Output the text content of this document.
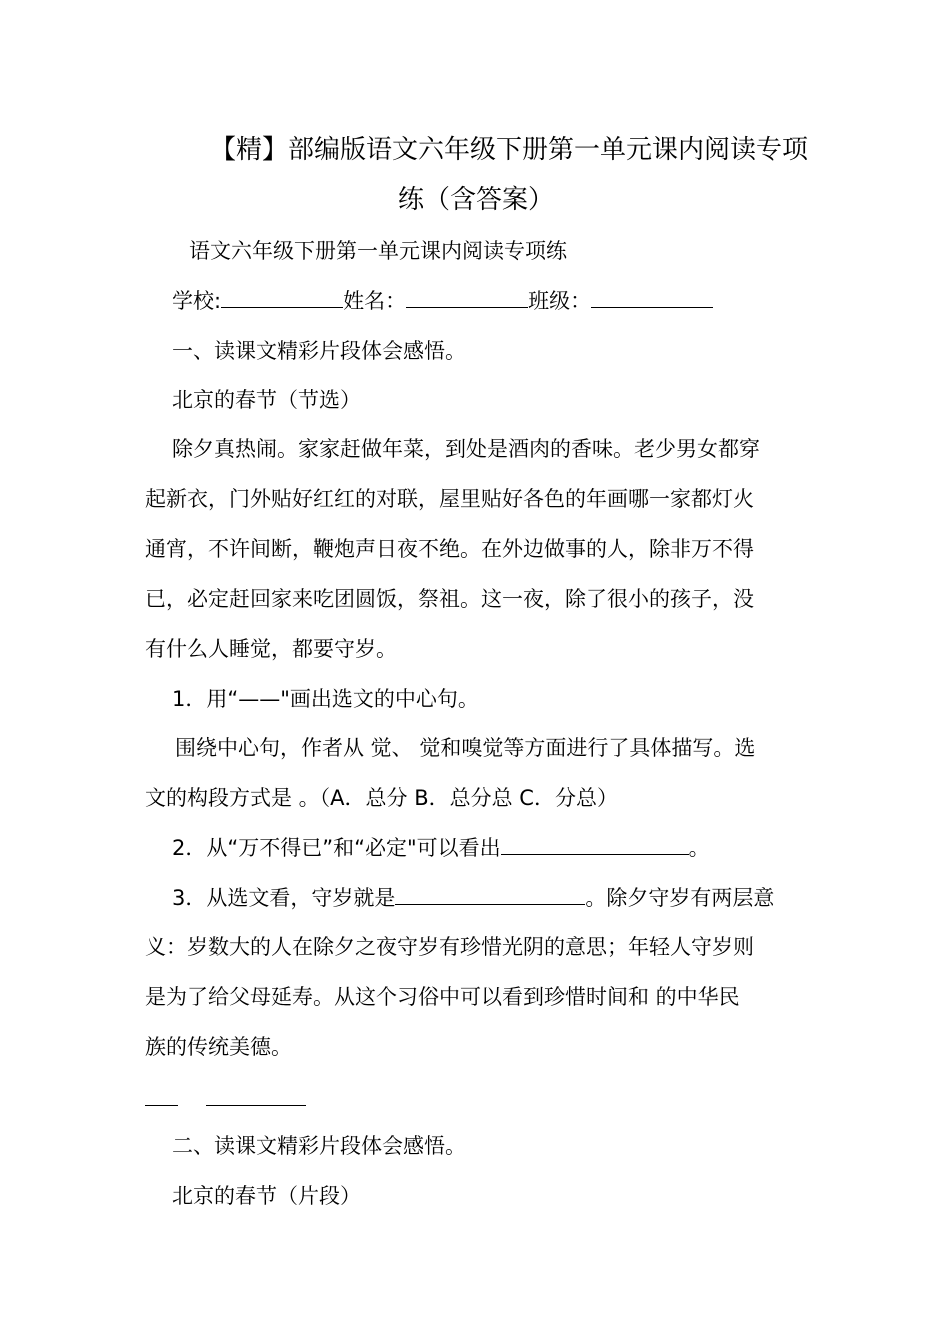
【精】部编版语文六年级下册第一单元课内阅读专项
练（含答案）
语文六年级下册第一单元课内阅读专项练
学校:	姓名：	班级：
一、读课文精彩片段体会感悟。
北京的春节（节选）
除夕真热闹。家家赶做年菜，到处是酒肉的香味。老少男女都穿
起新衣，门外贴好红红的对联，屋里贴好各色的年画哪一家都灯火
通宵，不许间断，鞭炮声日夜不绝。在外边做事的人，除非万不得
已，必定赶回家来吃团圆饭，祭祖。这一夜，除了很小的孩子，没
有什么人睡觉，都要守岁。
1．用“——"画出选文的中心句。
围绕中心句，作者从 觉、 觉和嗅觉等方面进行了具体描写。选
文的构段方式是 。（A．总分 B．总分总 C．分总）
2．从“万不得已”和“必定"可以看出	。
3．从选文看，守岁就是	。除夕守岁有两层意
义：岁数大的人在除夕之夜守岁有珍惜光阴的意思；年轻人守岁则
是为了给父母延寿。从这个习俗中可以看到珍惜时间和 的中华民
族的传统美德。
二、读课文精彩片段体会感悟。
北京的春节（片段）
